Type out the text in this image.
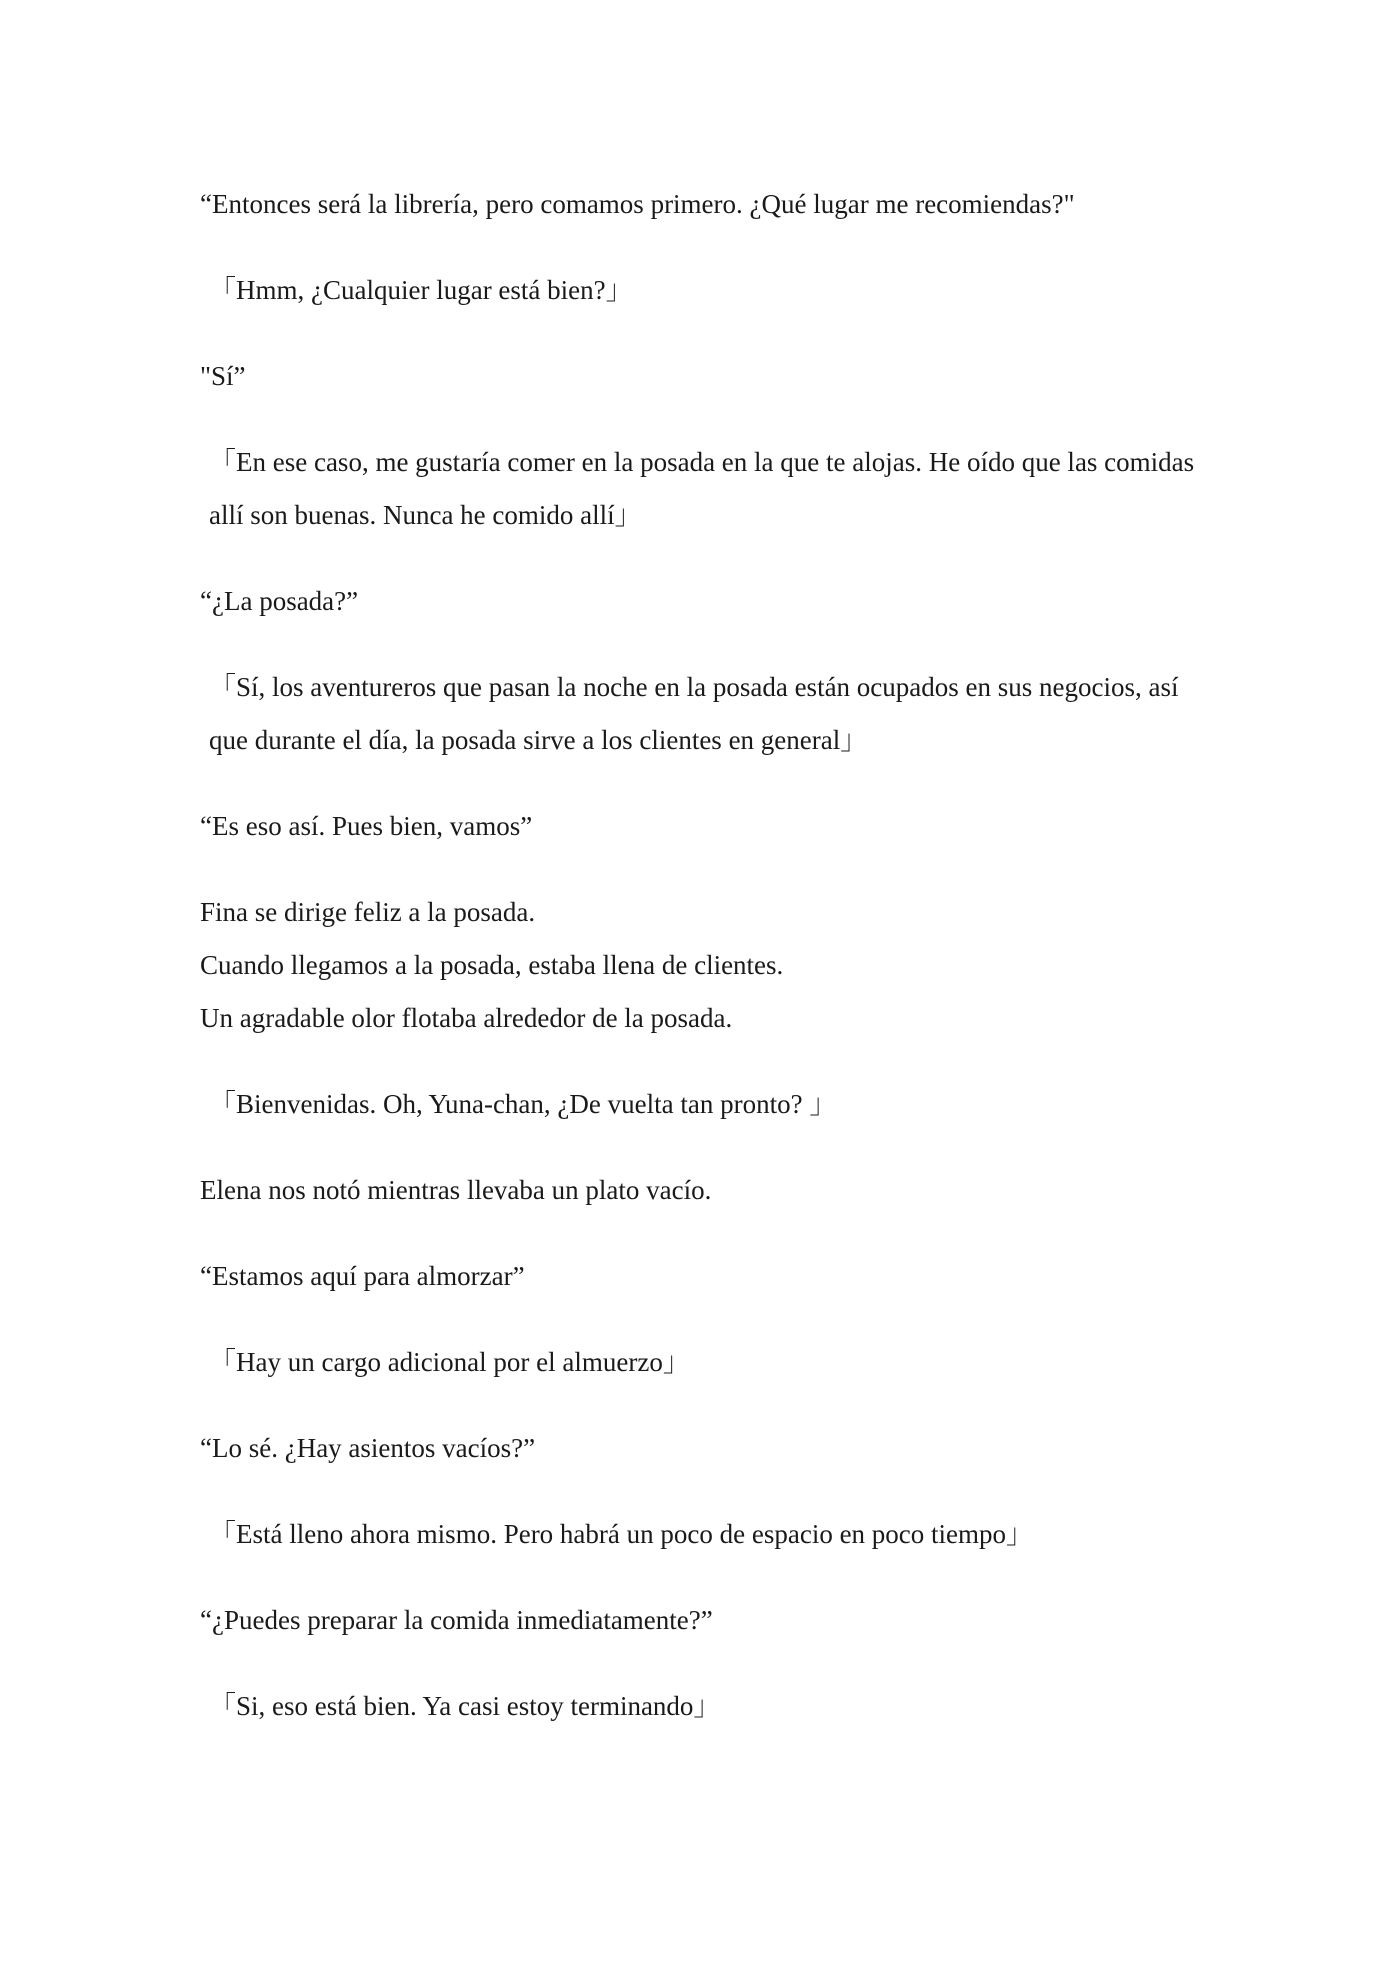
“Entonces será la librería, pero comamos primero. ¿Qué lugar me recomiendas?"

「Hmm, ¿Cualquier lugar está bien?」

"Sí”

「En ese caso, me gustaría comer en la posada en la que te alojas. He oído que las comidas allí son buenas. Nunca he comido allí」

“¿La posada?”

「Sí, los aventureros que pasan la noche en la posada están ocupados en sus negocios, así que durante el día, la posada sirve a los clientes en general」

“Es eso así. Pues bien, vamos”

Fina se dirige feliz a la posada.
Cuando llegamos a la posada, estaba llena de clientes.
Un agradable olor flotaba alrededor de la posada.

「Bienvenidas. Oh, Yuna-chan, ¿De vuelta tan pronto? 」

Elena nos notó mientras llevaba un plato vacío.

“Estamos aquí para almorzar”

「Hay un cargo adicional por el almuerzo」

“Lo sé. ¿Hay asientos vacíos?”

「Está lleno ahora mismo. Pero habrá un poco de espacio en poco tiempo」

“¿Puedes preparar la comida inmediatamente?”

「Si, eso está bien. Ya casi estoy terminando」
